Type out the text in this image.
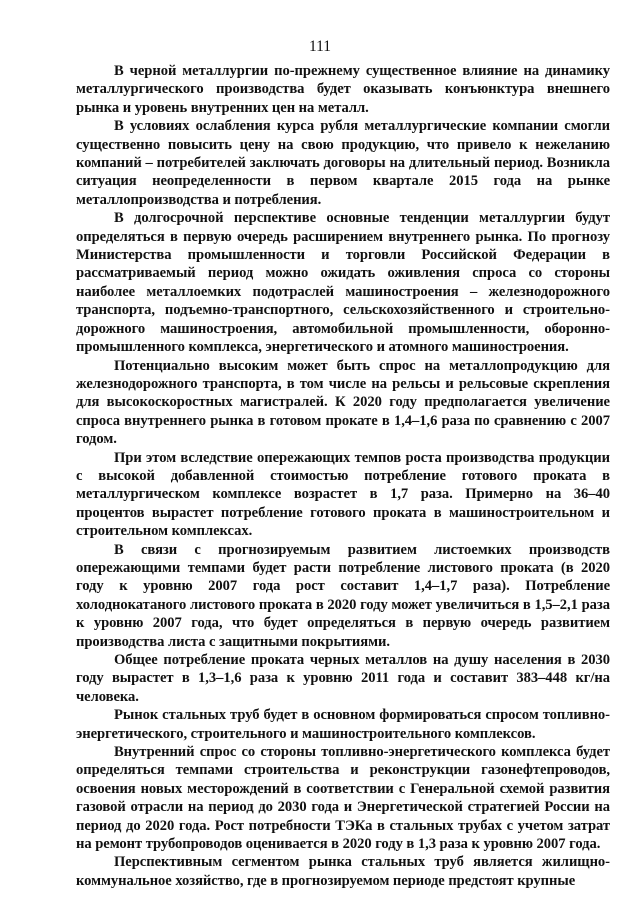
111

В черной металлургии по-прежнему существенное влияние на динамику металлургического производства будет оказывать конъюнктура внешнего рынка и уровень внутренних цен на металл.

В условиях ослабления курса рубля металлургические компании смогли существенно повысить цену на свою продукцию, что привело к нежеланию компаний – потребителей заключать договоры на длительный период. Возникла ситуация неопределенности в первом квартале 2015 года на рынке металлопроизводства и потребления.

В долгосрочной перспективе основные тенденции металлургии будут определяться в первую очередь расширением внутреннего рынка. По прогнозу Министерства промышленности и торговли Российской Федерации в рассматриваемый период можно ожидать оживления спроса со стороны наиболее металлоемких подотраслей машиностроения – железнодорожного транспорта, подъемно-транспортного, сельскохозяйственного и строительно-дорожного машиностроения, автомобильной промышленности, оборонно-промышленного комплекса, энергетического и атомного машиностроения.

Потенциально высоким может быть спрос на металлопродукцию для железнодорожного транспорта, в том числе на рельсы и рельсовые скрепления для высокоскоростных магистралей. К 2020 году предполагается увеличение спроса внутреннего рынка в готовом прокате в 1,4–1,6 раза по сравнению с 2007 годом.

При этом вследствие опережающих темпов роста производства продукции с высокой добавленной стоимостью потребление готового проката в металлургическом комплексе возрастет в 1,7 раза. Примерно на 36–40 процентов вырастет потребление готового проката в машиностроительном и строительном комплексах.

В связи с прогнозируемым развитием листоемких производств опережающими темпами будет расти потребление листового проката (в 2020 году к уровню 2007 года рост составит 1,4–1,7 раза). Потребление холоднокатаного листового проката в 2020 году может увеличиться в 1,5–2,1 раза к уровню 2007 года, что будет определяться в первую очередь развитием производства листа с защитными покрытиями.

Общее потребление проката черных металлов на душу населения в 2030 году вырастет в 1,3–1,6 раза к уровню 2011 года и составит 383–448 кг/на человека.

Рынок стальных труб будет в основном формироваться спросом топливно-энергетического, строительного и машиностроительного комплексов.

Внутренний спрос со стороны топливно-энергетического комплекса будет определяться темпами строительства и реконструкции газонефтепроводов, освоения новых месторождений в соответствии с Генеральной схемой развития газовой отрасли на период до 2030 года и Энергетической стратегией России на период до 2020 года. Рост потребности ТЭКа в стальных трубах с учетом затрат на ремонт трубопроводов оценивается в 2020 году в 1,3 раза к уровню 2007 года.

Перспективным сегментом рынка стальных труб является жилищно-коммунальное хозяйство, где в прогнозируемом периоде предстоят крупные
